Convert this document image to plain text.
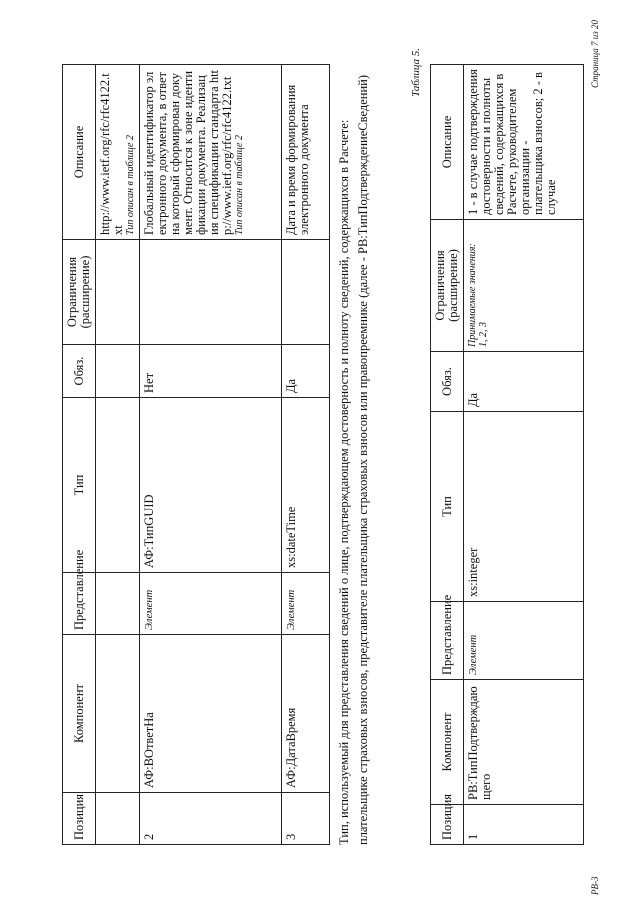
Позиция	Компонент	Представление	Тип	Обяз.	Ограничения (расширение)	Описание

						http://www.ietf.org/rfc/rfc4122.txt Тип описан в таблице 2

2	АФ:ВОтветНа	Элемент	АФ:ТипGUID	Нет		Глобальный идентификатор электронного документа, в ответ на который сформирован документ. Относится к зоне идентификации документа. Реализация спецификации стандарта http://www.ietf.org/rfc/rfc4122.txt Тип описан в таблице 2

3	АФ:ДатаВремя	Элемент	xs:dateTime	Да		Дата и время формирования электронного документа Тип, используемый для представления сведений о лице, подтверждающем достоверность и полноту сведений, содержащихся в Расчете: плательщике страховых взносов, представителе плательщика страховых взносов или правопреемнике (далее - РВ:ТипПодтверждениеСведений)
Таблица 5.
Позиция	Компонент	Представление	Тип	Обяз.	Ограничения (расширение)	Описание
1	РВ:ТипПодтверждающего	Элемент	xs:integer	Да	Принимаемые значения: 1, 2, 3	1 - в случае подтверждения достоверности и полноты сведений, содержащихся в Расчете, руководителем организации - плательщика взносов; 2 - в случае
РВ-3
Страница 7 из 20
